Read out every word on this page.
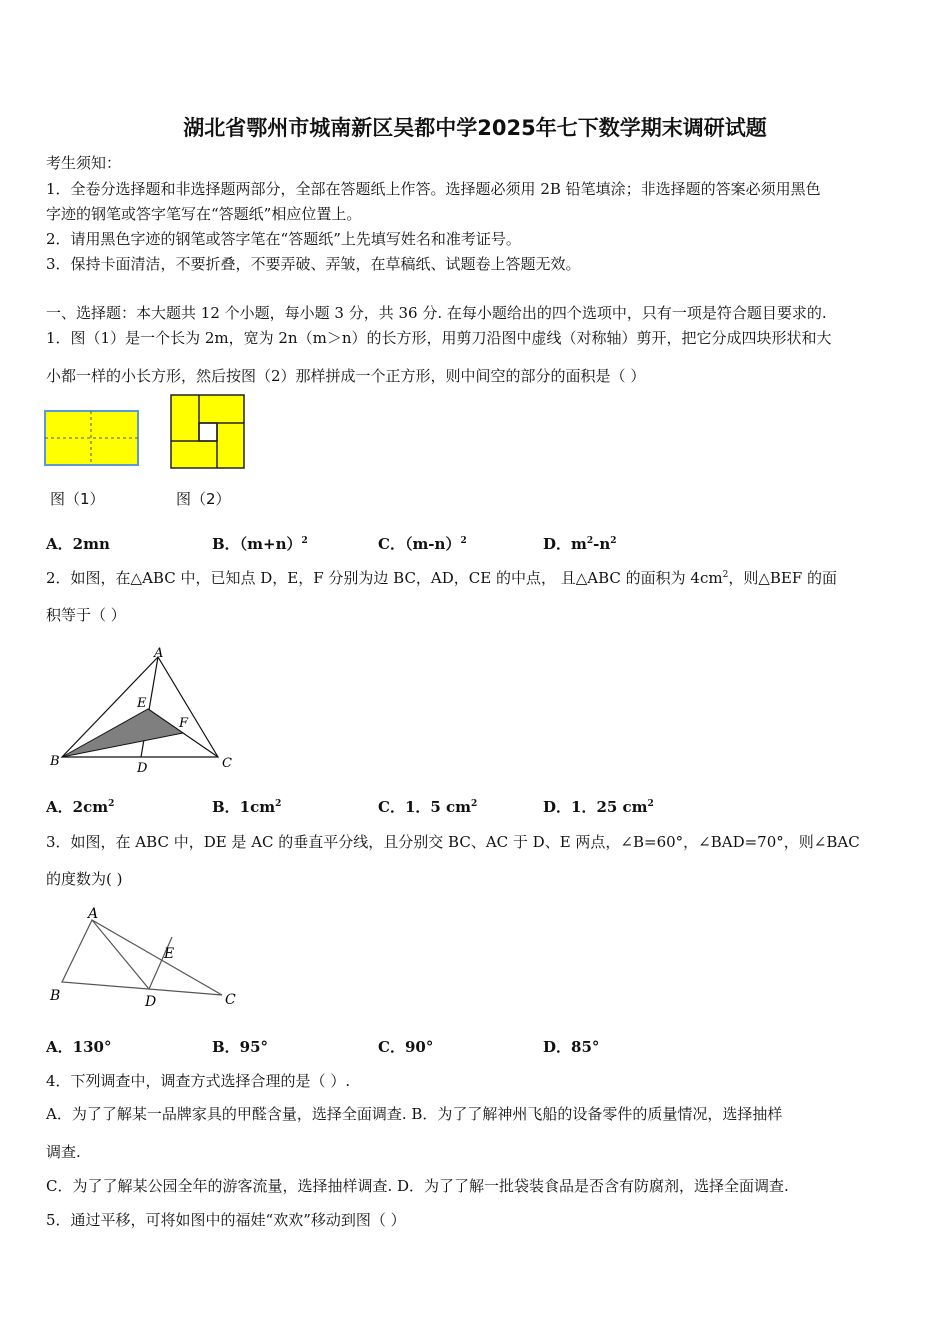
湖北省鄂州市城南新区吴都中学2025年七下数学期末调研试题
考生须知：
1．全卷分选择题和非选择题两部分，全部在答题纸上作答。选择题必须用 2B 铅笔填涂；非选择题的答案必须用黑色
字迹的钢笔或答字笔写在“答题纸”相应位置上。
2．请用黑色字迹的钢笔或答字笔在“答题纸”上先填写姓名和准考证号。
3．保持卡面清洁，不要折叠，不要弄破、弄皱，在草稿纸、试题卷上答题无效。
一、选择题：本大题共 12 个小题，每小题 3 分，共 36 分. 在每小题给出的四个选项中，只有一项是符合题目要求的.
1．图（1）是一个长为 2m，宽为 2n（m＞n）的长方形，用剪刀沿图中虚线（对称轴）剪开，把它分成四块形状和大
小都一样的小长方形，然后按图（2）那样拼成一个正方形，则中间空的部分的面积是（ ）
图（1）	图（2）
A．2mn	B．$(m+n)^2$	C．$(m-n)^2$	D．$m^2-n^2$
2．如图，在△ABC 中，已知点 D，E，F 分别为边 BC，AD，CE 的中点， 且△ABC 的面积为 $4cm^2$，则△BEF 的面
积等于（ ）
A
B	C
D
E
F
A．$2cm^2$	B．$1cm^2$	C．1．5 $cm^2$	D．1．25 $cm^2$
3．如图，在 ABC 中，DE 是 AC 的垂直平分线，且分别交 BC、AC 于 D、E 两点，∠B=60°，∠BAD=70°，则∠BAC
的度数为( )
A
B	C
D
E
A．130°	B．95°	C．90°	D．85°
4．下列调查中，调查方式选择合理的是（ ）.
A．为了了解某一品牌家具的甲醛含量，选择全面调查. B．为了了解神州飞船的设备零件的质量情况，选择抽样
调查.
C．为了了解某公园全年的游客流量，选择抽样调查. D．为了了解一批袋装食品是否含有防腐剂，选择全面调查.
5．通过平移，可将如图中的福娃“欢欢”移动到图（ ）
